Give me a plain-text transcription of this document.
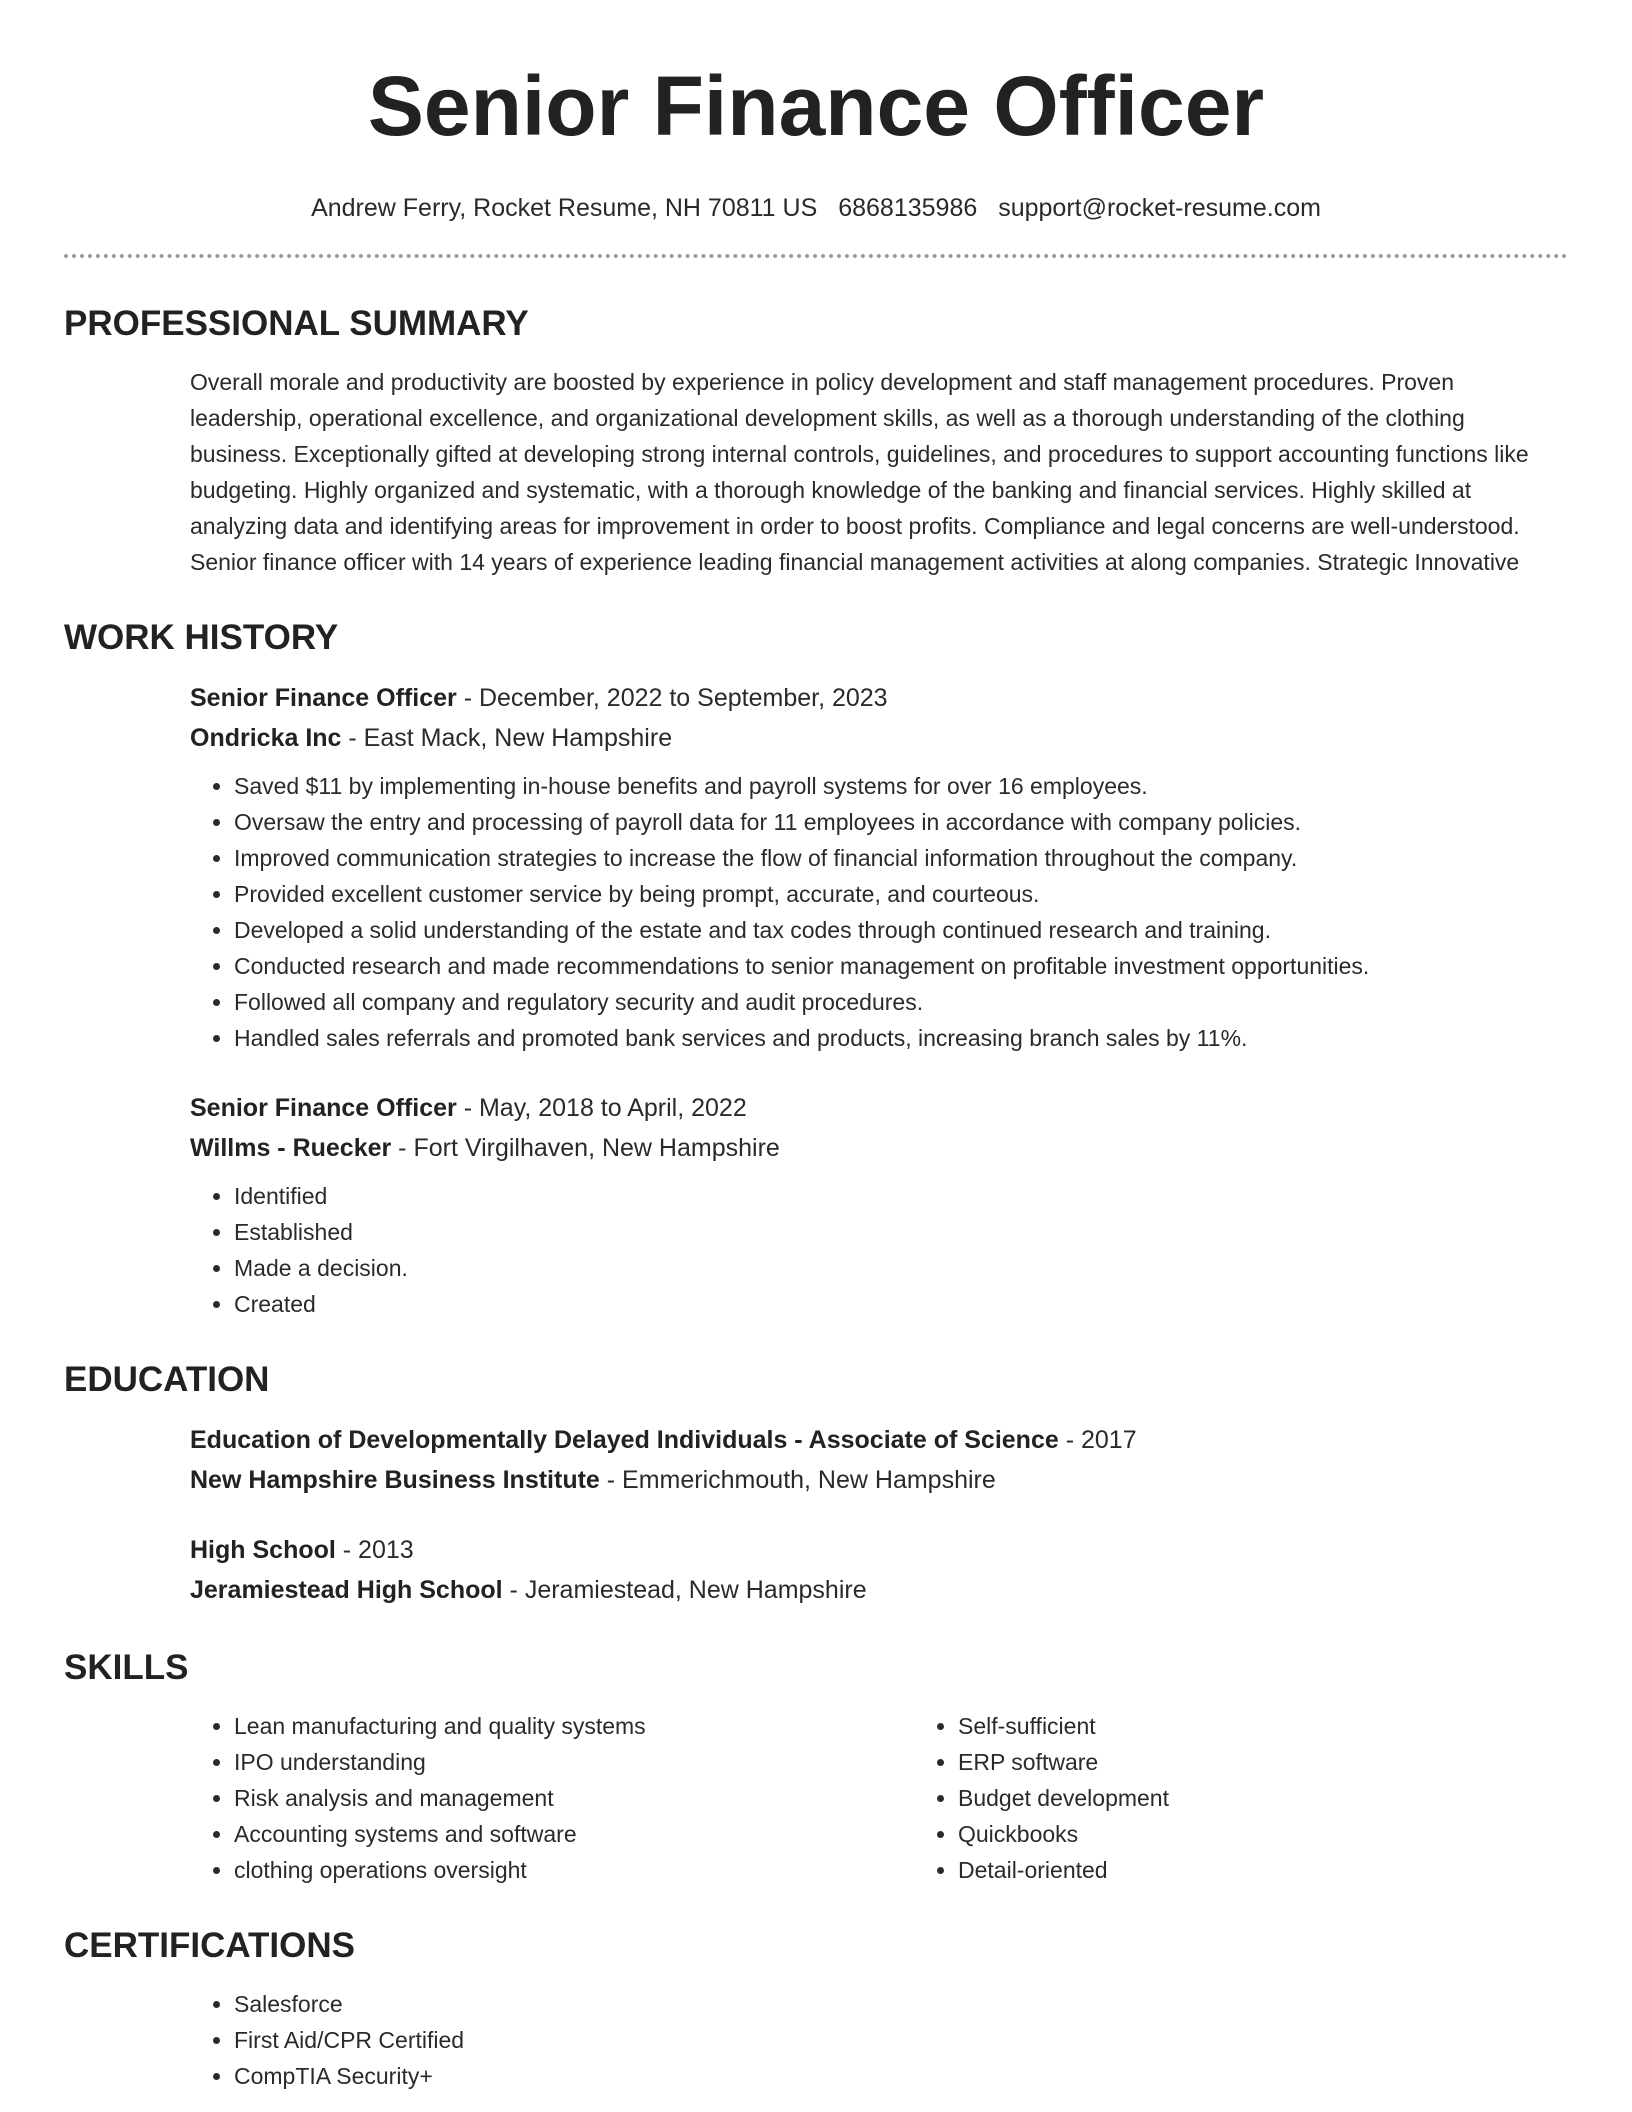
Senior Finance Officer
Andrew Ferry, Rocket Resume, NH 70811 US 6868135986 support@rocket-resume.com
PROFESSIONAL SUMMARY

Overall morale and productivity are boosted by experience in policy development and staff management procedures. Proven leadership, operational excellence, and organizational development skills, as well as a thorough understanding of the clothing business. Exceptionally gifted at developing strong internal controls, guidelines, and procedures to support accounting functions like budgeting. Highly organized and systematic, with a thorough knowledge of the banking and financial services. Highly skilled at analyzing data and identifying areas for improvement in order to boost profits. Compliance and legal concerns are well-understood. Senior finance officer with 14 years of experience leading financial management activities at along companies. Strategic Innovative

WORK HISTORY
Senior Finance Officer - December, 2022 to September, 2023
Ondricka Inc - East Mack, New Hampshire
• Saved $11 by implementing in-house benefits and payroll systems for over 16 employees.
• Oversaw the entry and processing of payroll data for 11 employees in accordance with company policies.
• Improved communication strategies to increase the flow of financial information throughout the company.
• Provided excellent customer service by being prompt, accurate, and courteous.
• Developed a solid understanding of the estate and tax codes through continued research and training.
• Conducted research and made recommendations to senior management on profitable investment opportunities.
• Followed all company and regulatory security and audit procedures.
• Handled sales referrals and promoted bank services and products, increasing branch sales by 11%.
Senior Finance Officer - May, 2018 to April, 2022
Willms - Ruecker - Fort Virgilhaven, New Hampshire
• Identified
• Established
• Made a decision.
• Created
EDUCATION
Education of Developmentally Delayed Individuals - Associate of Science - 2017
New Hampshire Business Institute - Emmerichmouth, New Hampshire
High School - 2013
Jeramiestead High School - Jeramiestead, New Hampshire
SKILLS
• Lean manufacturing and quality systems
• IPO understanding
• Risk analysis and management
• Accounting systems and software
• clothing operations oversight
• Self-sufficient
• ERP software
• Budget development
• Quickbooks
• Detail-oriented
CERTIFICATIONS
• Salesforce
• First Aid/CPR Certified
• CompTIA Security+
